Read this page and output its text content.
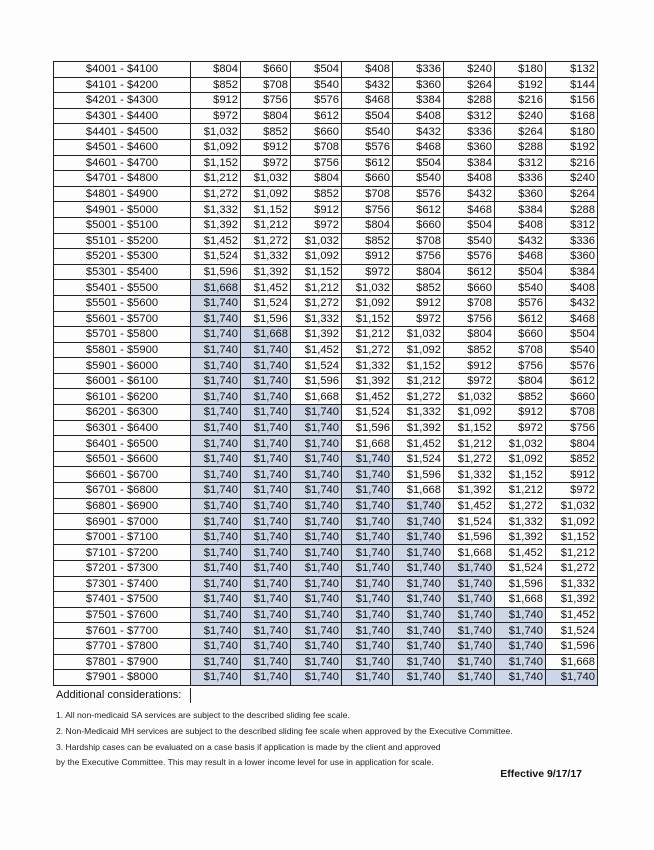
$4001 - $4100	$804	$660	$504	$408	$336	$240	$180	$132
$4101 - $4200	$852	$708	$540	$432	$360	$264	$192	$144
$4201 - $4300	$912	$756	$576	$468	$384	$288	$216	$156
$4301 - $4400	$972	$804	$612	$504	$408	$312	$240	$168
$4401 - $4500	$1,032	$852	$660	$540	$432	$336	$264	$180
$4501 - $4600	$1,092	$912	$708	$576	$468	$360	$288	$192
$4601 - $4700	$1,152	$972	$756	$612	$504	$384	$312	$216
$4701 - $4800	$1,212	$1,032	$804	$660	$540	$408	$336	$240
$4801 - $4900	$1,272	$1,092	$852	$708	$576	$432	$360	$264
$4901 - $5000	$1,332	$1,152	$912	$756	$612	$468	$384	$288
$5001 - $5100	$1,392	$1,212	$972	$804	$660	$504	$408	$312
$5101 - $5200	$1,452	$1,272	$1,032	$852	$708	$540	$432	$336
$5201 - $5300	$1,524	$1,332	$1,092	$912	$756	$576	$468	$360
$5301 - $5400	$1,596	$1,392	$1,152	$972	$804	$612	$504	$384
$5401 - $5500	$1,668	$1,452	$1,212	$1,032	$852	$660	$540	$408
$5501 - $5600	$1,740	$1,524	$1,272	$1,092	$912	$708	$576	$432
$5601 - $5700	$1,740	$1,596	$1,332	$1,152	$972	$756	$612	$468
$5701 - $5800	$1,740	$1,668	$1,392	$1,212	$1,032	$804	$660	$504
$5801 - $5900	$1,740	$1,740	$1,452	$1,272	$1,092	$852	$708	$540
$5901 - $6000	$1,740	$1,740	$1,524	$1,332	$1,152	$912	$756	$576
$6001 - $6100	$1,740	$1,740	$1,596	$1,392	$1,212	$972	$804	$612
$6101 - $6200	$1,740	$1,740	$1,668	$1,452	$1,272	$1,032	$852	$660
$6201 - $6300	$1,740	$1,740	$1,740	$1,524	$1,332	$1,092	$912	$708
$6301 - $6400	$1,740	$1,740	$1,740	$1,596	$1,392	$1,152	$972	$756
$6401 - $6500	$1,740	$1,740	$1,740	$1,668	$1,452	$1,212	$1,032	$804
$6501 - $6600	$1,740	$1,740	$1,740	$1,740	$1,524	$1,272	$1,092	$852
$6601 - $6700	$1,740	$1,740	$1,740	$1,740	$1,596	$1,332	$1,152	$912
$6701 - $6800	$1,740	$1,740	$1,740	$1,740	$1,668	$1,392	$1,212	$972
$6801 - $6900	$1,740	$1,740	$1,740	$1,740	$1,740	$1,452	$1,272	$1,032
$6901 - $7000	$1,740	$1,740	$1,740	$1,740	$1,740	$1,524	$1,332	$1,092
$7001 - $7100	$1,740	$1,740	$1,740	$1,740	$1,740	$1,596	$1,392	$1,152
$7101 - $7200	$1,740	$1,740	$1,740	$1,740	$1,740	$1,668	$1,452	$1,212
$7201 - $7300	$1,740	$1,740	$1,740	$1,740	$1,740	$1,740	$1,524	$1,272
$7301 - $7400	$1,740	$1,740	$1,740	$1,740	$1,740	$1,740	$1,596	$1,332
$7401 - $7500	$1,740	$1,740	$1,740	$1,740	$1,740	$1,740	$1,668	$1,392
$7501 - $7600	$1,740	$1,740	$1,740	$1,740	$1,740	$1,740	$1,740	$1,452
$7601 - $7700	$1,740	$1,740	$1,740	$1,740	$1,740	$1,740	$1,740	$1,524
$7701 - $7800	$1,740	$1,740	$1,740	$1,740	$1,740	$1,740	$1,740	$1,596
$7801 - $7900	$1,740	$1,740	$1,740	$1,740	$1,740	$1,740	$1,740	$1,668
$7901 - $8000	$1,740	$1,740	$1,740	$1,740	$1,740	$1,740	$1,740	$1,740
Additional considerations:
1. All non-medicaid SA services are subject to the described sliding fee scale.
2. Non-Medicaid MH services are subject to the described sliding fee scale when approved by the Executive Committee.
3. Hardship cases can be evaluated on a case basis if application is made by the client and approved
by the Executive Committee. This may result in a lower income level for use in application for scale.
Effective 9/17/17
